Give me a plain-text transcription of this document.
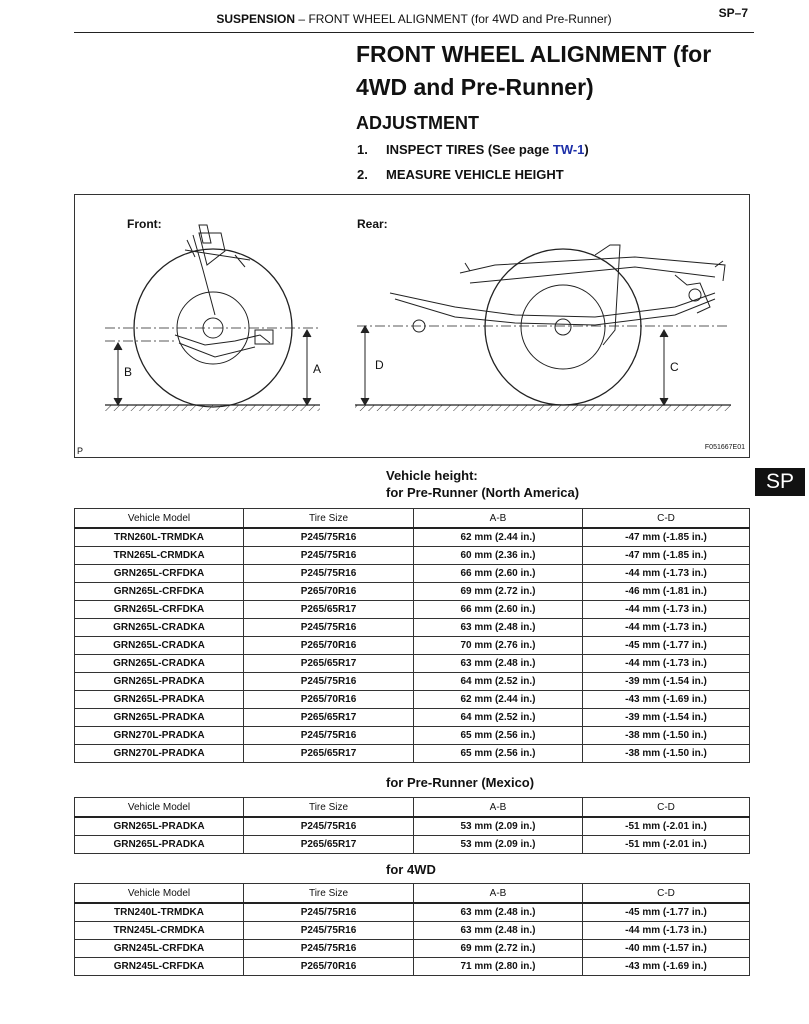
SUSPENSION – FRONT WHEEL ALIGNMENT (for 4WD and Pre-Runner)	SP–7
FRONT WHEEL ALIGNMENT (for 4WD and Pre-Runner)
ADJUSTMENT
1. INSPECT TIRES (See page TW-1)
2. MEASURE VEHICLE HEIGHT
Front:	Rear:
A
B	C
D
F051667E01
P
SP
Vehicle height:
for Pre-Runner (North America)
Vehicle Model	Tire Size	A-B	C-D
TRN260L-TRMDKA	P245/75R16	62 mm (2.44 in.)	-47 mm (-1.85 in.)
TRN265L-CRMDKA	P245/75R16	60 mm (2.36 in.)	-47 mm (-1.85 in.)
GRN265L-CRFDKA	P245/75R16	66 mm (2.60 in.)	-44 mm (-1.73 in.)
GRN265L-CRFDKA	P265/70R16	69 mm (2.72 in.)	-46 mm (-1.81 in.)
GRN265L-CRFDKA	P265/65R17	66 mm (2.60 in.)	-44 mm (-1.73 in.)
GRN265L-CRADKA	P245/75R16	63 mm (2.48 in.)	-44 mm (-1.73 in.)
GRN265L-CRADKA	P265/70R16	70 mm (2.76 in.)	-45 mm (-1.77 in.)
GRN265L-CRADKA	P265/65R17	63 mm (2.48 in.)	-44 mm (-1.73 in.)
GRN265L-PRADKA	P245/75R16	64 mm (2.52 in.)	-39 mm (-1.54 in.)
GRN265L-PRADKA	P265/70R16	62 mm (2.44 in.)	-43 mm (-1.69 in.)
GRN265L-PRADKA	P265/65R17	64 mm (2.52 in.)	-39 mm (-1.54 in.)
GRN270L-PRADKA	P245/75R16	65 mm (2.56 in.)	-38 mm (-1.50 in.)
GRN270L-PRADKA	P265/65R17	65 mm (2.56 in.)	-38 mm (-1.50 in.)
for Pre-Runner (Mexico)
Vehicle Model	Tire Size	A-B	C-D
GRN265L-PRADKA	P245/75R16	53 mm (2.09 in.)	-51 mm (-2.01 in.)
GRN265L-PRADKA	P265/65R17	53 mm (2.09 in.)	-51 mm (-2.01 in.)
for 4WD
Vehicle Model	Tire Size	A-B	C-D
TRN240L-TRMDKA	P245/75R16	63 mm (2.48 in.)	-45 mm (-1.77 in.)
TRN245L-CRMDKA	P245/75R16	63 mm (2.48 in.)	-44 mm (-1.73 in.)
GRN245L-CRFDKA	P245/75R16	69 mm (2.72 in.)	-40 mm (-1.57 in.)
GRN245L-CRFDKA	P265/70R16	71 mm (2.80 in.)	-43 mm (-1.69 in.)
